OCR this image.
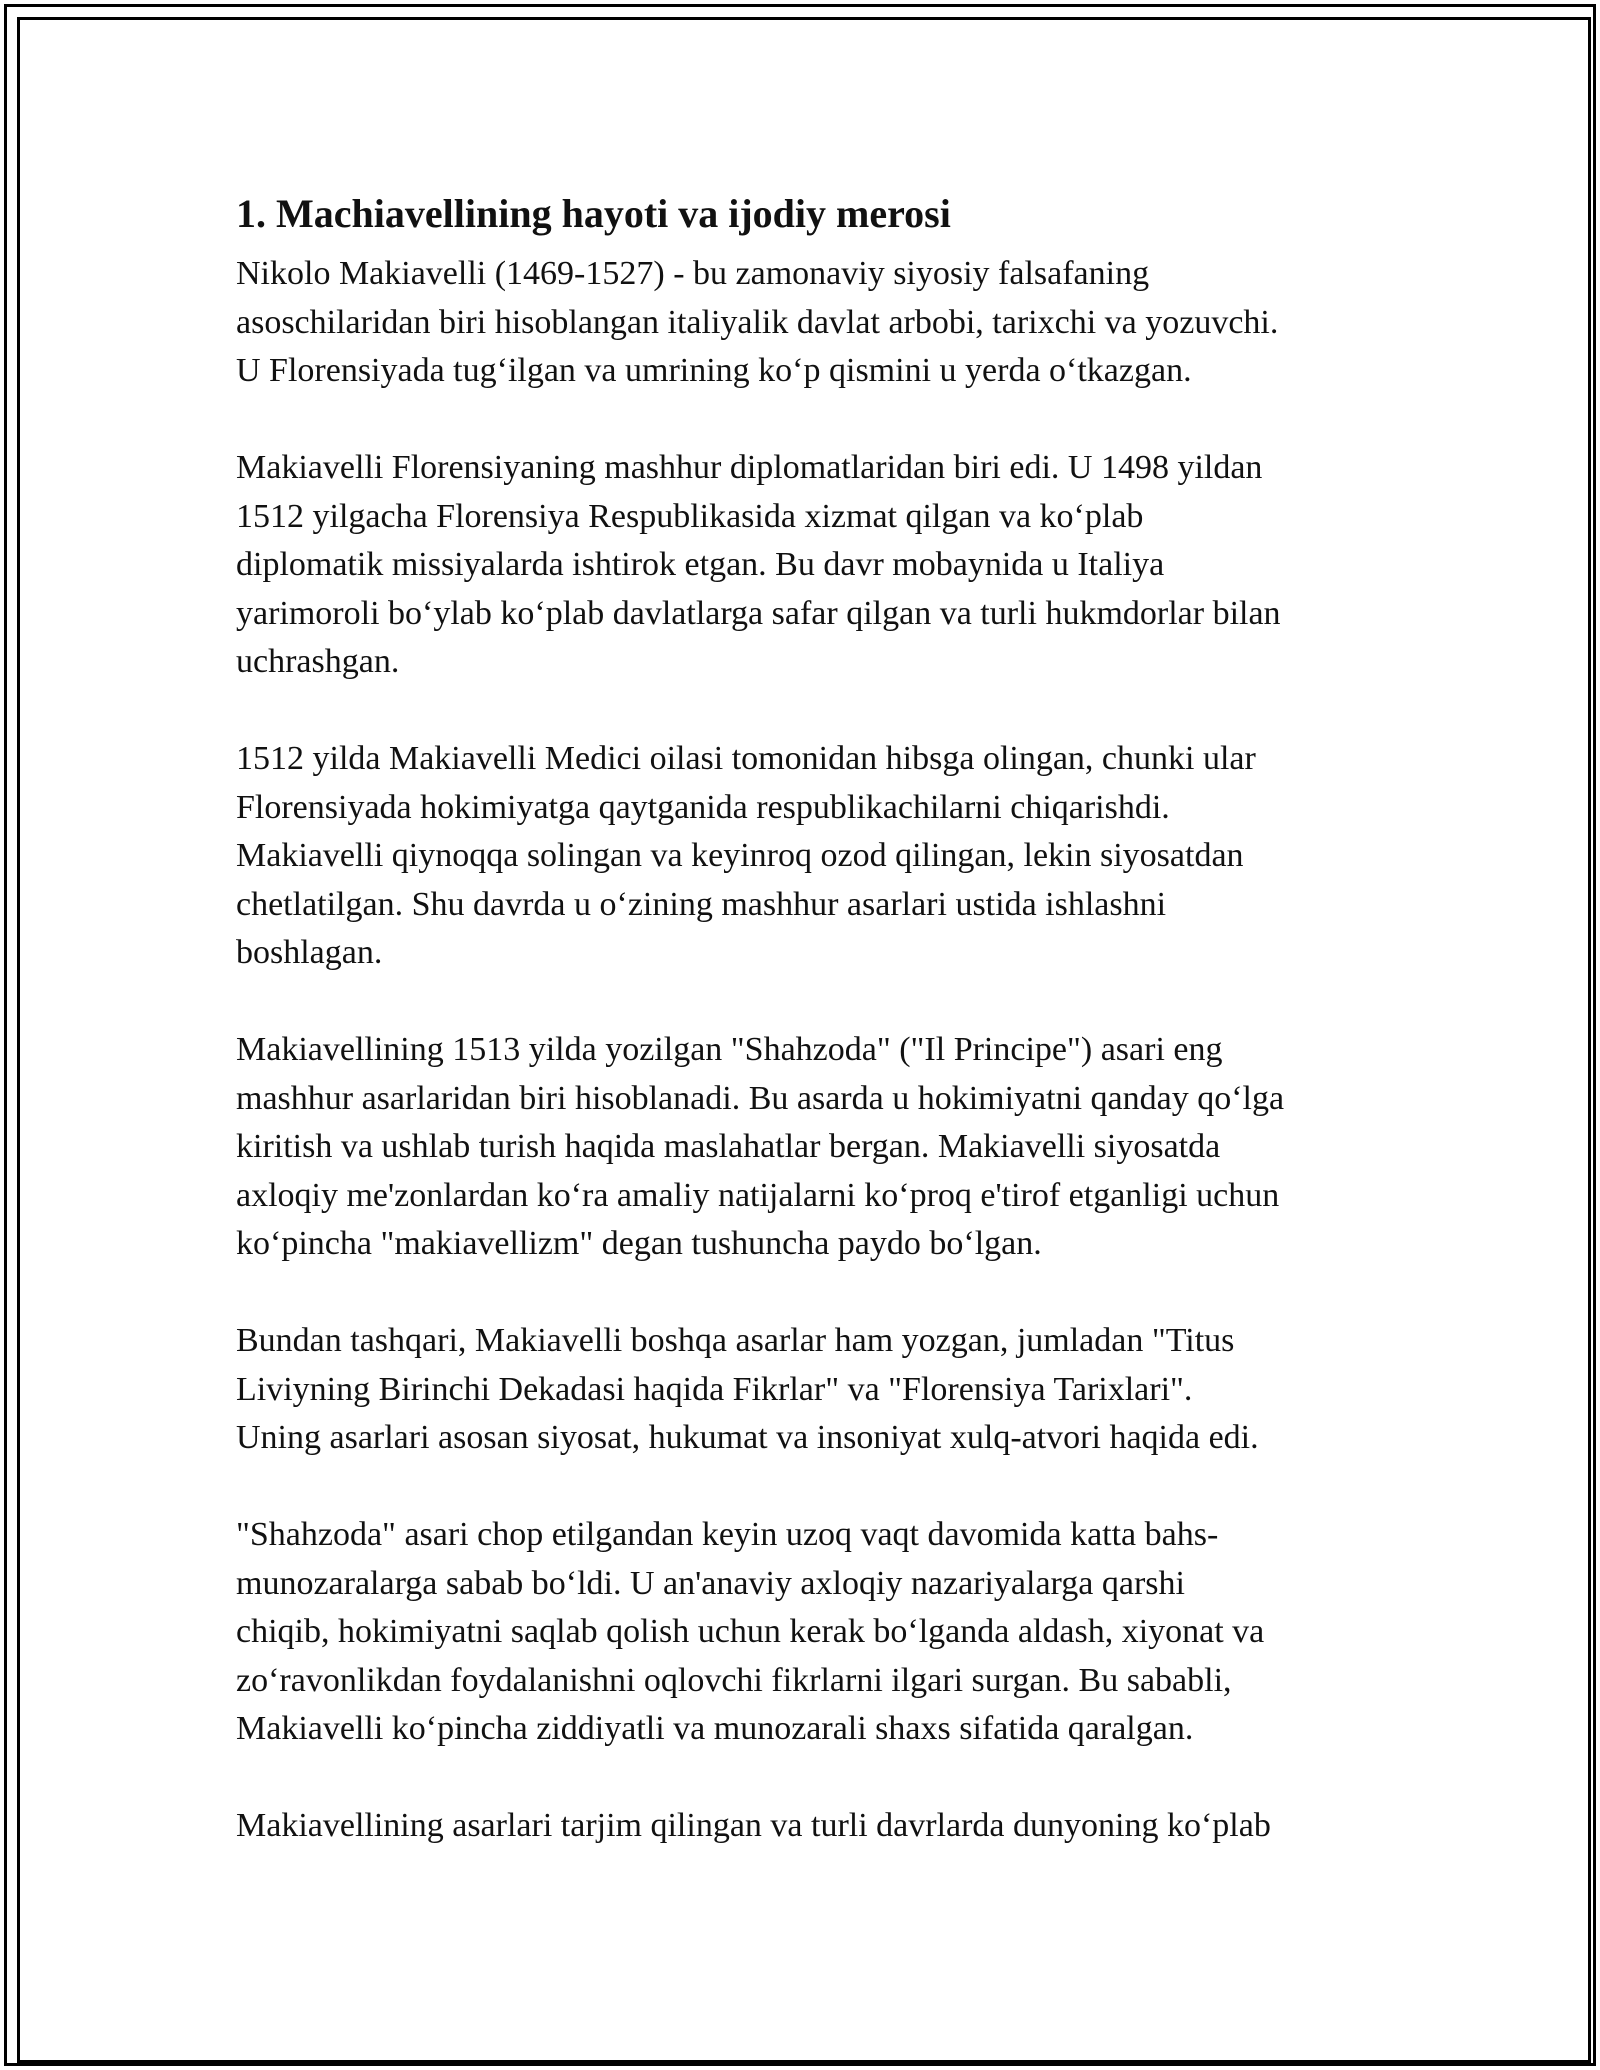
1. Machiavellining hayoti va ijodiy merosi

Nikolo Makiavelli (1469-1527) - bu zamonaviy siyosiy falsafaning
asoschilaridan biri hisoblangan italiyalik davlat arbobi, tarixchi va yozuvchi.
U Florensiyada tugʻilgan va umrining koʻp qismini u yerda oʻtkazgan.

Makiavelli Florensiyaning mashhur diplomatlaridan biri edi. U 1498 yildan
1512 yilgacha Florensiya Respublikasida xizmat qilgan va koʻplab
diplomatik missiyalarda ishtirok etgan. Bu davr mobaynida u Italiya
yarimoroli boʻylab koʻplab davlatlarga safar qilgan va turli hukmdorlar bilan
uchrashgan.

1512 yilda Makiavelli Medici oilasi tomonidan hibsga olingan, chunki ular
Florensiyada hokimiyatga qaytganida respublikachilarni chiqarishdi.
Makiavelli qiynoqqa solingan va keyinroq ozod qilingan, lekin siyosatdan
chetlatilgan. Shu davrda u oʻzining mashhur asarlari ustida ishlashni
boshlagan.

Makiavellining 1513 yilda yozilgan "Shahzoda" ("Il Principe") asari eng
mashhur asarlaridan biri hisoblanadi. Bu asarda u hokimiyatni qanday qoʻlga
kiritish va ushlab turish haqida maslahatlar bergan. Makiavelli siyosatda
axloqiy me'zonlardan koʻra amaliy natijalarni koʻproq e'tirof etganligi uchun
koʻpincha "makiavellizm" degan tushuncha paydo boʻlgan.

Bundan tashqari, Makiavelli boshqa asarlar ham yozgan, jumladan "Titus
Liviyning Birinchi Dekadasi haqida Fikrlar" va "Florensiya Tarixlari".
Uning asarlari asosan siyosat, hukumat va insoniyat xulq-atvori haqida edi.

"Shahzoda" asari chop etilgandan keyin uzoq vaqt davomida katta bahs-
munozaralarga sabab boʻldi. U an'anaviy axloqiy nazariyalarga qarshi
chiqib, hokimiyatni saqlab qolish uchun kerak boʻlganda aldash, xiyonat va
zoʻravonlikdan foydalanishni oqlovchi fikrlarni ilgari surgan. Bu sababli,
Makiavelli koʻpincha ziddiyatli va munozarali shaxs sifatida qaralgan.

Makiavellining asarlari tarjim qilingan va turli davrlarda dunyoning koʻplab
